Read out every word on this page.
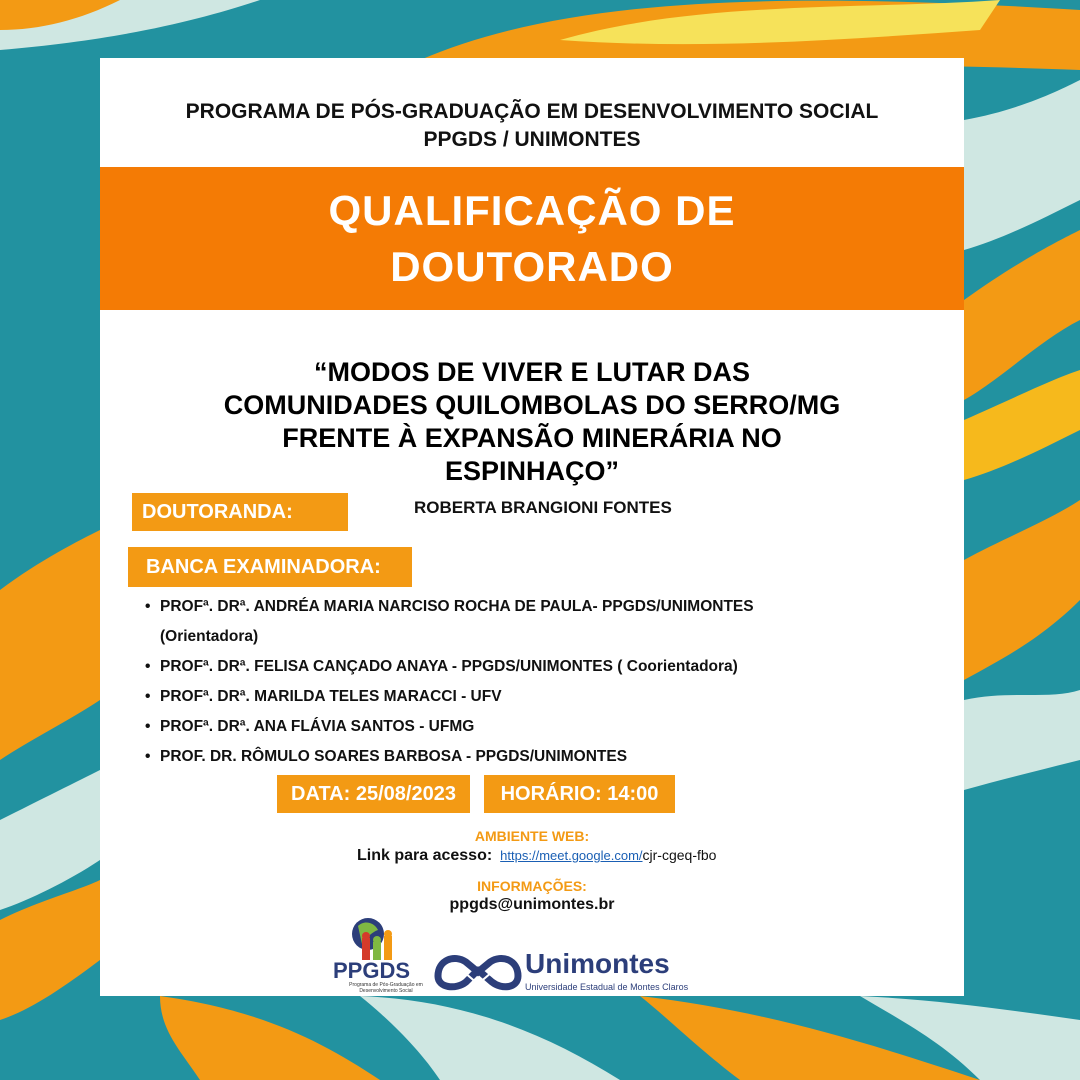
PROGRAMA DE PÓS-GRADUAÇÃO EM DESENVOLVIMENTO SOCIAL
PPGDS / UNIMONTES
“MODOS DE VIVER E LUTAR DAS
COMUNIDADES QUILOMBOLAS DO SERRO/MG
FRENTE À EXPANSÃO MINERÁRIA NO
ESPINHAÇO”
DOUTORANDA:	ROBERTA BRANGIONI FONTES
BANCA EXAMINADORA:
• PROFª. DRª. ANDRÉA MARIA NARCISO ROCHA DE PAULA- PPGDS/UNIMONTES
(Orientadora)
• PROFª. DRª. FELISA CANÇADO ANAYA - PPGDS/UNIMONTES ( Coorientadora)
• PROFª. DRª. MARILDA TELES MARACCI - UFV
• PROFª. DRª. ANA FLÁVIA SANTOS - UFMG
• PROF. DR. RÔMULO SOARES BARBOSA - PPGDS/UNIMONTES
DATA: 25/08/2023	HORÁRIO: 14:00
AMBIENTE WEB:
Link para acesso: https://meet.google.com/cjr-cgeq-fbo
INFORMAÇÕES:
ppgds@unimontes.br
PPGDS
Programa de Pós-Graduação em Desenvolvimento Social
Unimontes
Universidade Estadual de Montes Claros
QUALIFICAÇÃO DE
DOUTORADO
